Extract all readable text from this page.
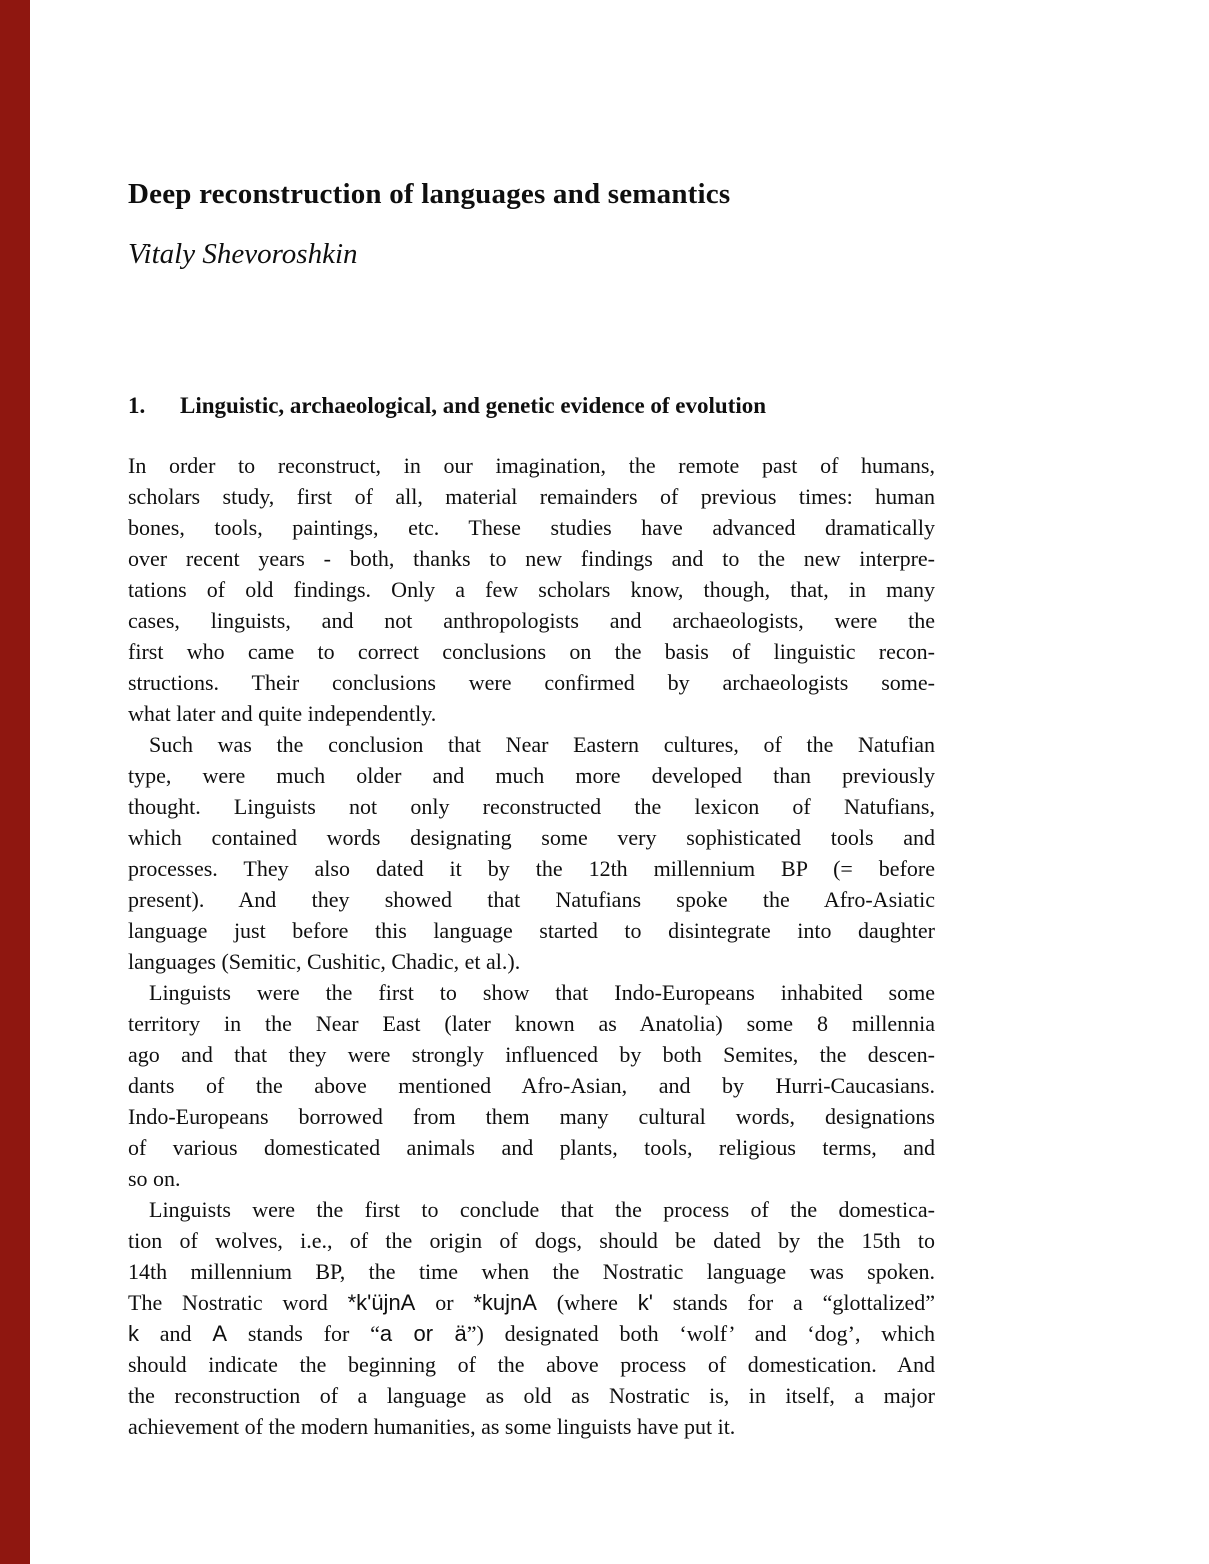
Deep reconstruction of languages and semantics
Vitaly Shevoroshkin
1.	Linguistic, archaeological, and genetic evidence of evolution
In order to reconstruct, in our imagination, the remote past of humans,
scholars study, first of all, material remainders of previous times: human
bones, tools, paintings, etc. These studies have advanced dramatically
over recent years - both, thanks to new findings and to the new interpre-
tations of old findings. Only a few scholars know, though, that, in many
cases, linguists, and not anthropologists and archaeologists, were the
first who came to correct conclusions on the basis of linguistic recon-
structions. Their conclusions were confirmed by archaeologists some-
what later and quite independently.
Such was the conclusion that Near Eastern cultures, of the Natufian
type, were much older and much more developed than previously
thought. Linguists not only reconstructed the lexicon of Natufians,
which contained words designating some very sophisticated tools and
processes. They also dated it by the 12th millennium BP (= before
present). And they showed that Natufians spoke the Afro-Asiatic
language just before this language started to disintegrate into daughter
languages (Semitic, Cushitic, Chadic, et al.).
Linguists were the first to show that Indo-Europeans inhabited some
territory in the Near East (later known as Anatolia) some 8 millennia
ago and that they were strongly influenced by both Semites, the descen-
dants of the above mentioned Afro-Asian, and by Hurri-Caucasians.
Indo-Europeans borrowed from them many cultural words, designations
of various domesticated animals and plants, tools, religious terms, and
so on.
Linguists were the first to conclude that the process of the domestica-
tion of wolves, i.e., of the origin of dogs, should be dated by the 15th to
14th millennium BP, the time when the Nostratic language was spoken.
The Nostratic word *k'üjnA or *kujnA (where k' stands for a “glottalized”
k and A stands for “a or ä”) designated both ‘wolf’ and ‘dog’, which
should indicate the beginning of the above process of domestication. And
the reconstruction of a language as old as Nostratic is, in itself, a major
achievement of the modern humanities, as some linguists have put it.
